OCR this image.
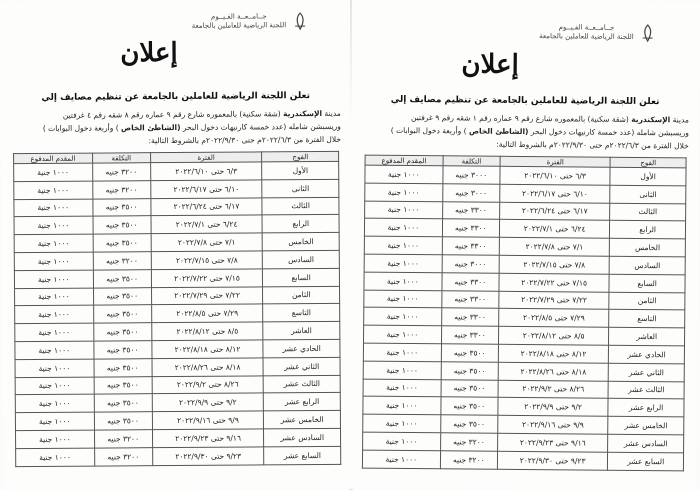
جــامــعــة الفـيــوم
اللجنة الرياضية للعاملين بالجامعة
إعلان
تعلن اللجنة الرياضية للعاملين بالجامعة عن تنظيم مصايف إلي
مدينة الإسكندرية (شقة سكنية) بالمعموره شارع رقم ٩ عماره رقم ٨ شقه رقم ٤ غرفتين
وريسبشن شامله (عدد خمسة كارنيهات دخول البحر (الشاطئ الخاص ) وأربعة دخول البوابات )
خلال الفترة من ٢٠٢٢/٦/٣م حتى ٢٠٢٢/٩/٣٠م بالشروط التالية:
الفوج	الفترة	التكلفة	المقدم المدفوع
الأول	٦/٣ حتى ٢٠٢٢/٦/١٠	٣٢٠٠ جنيه	١٠٠٠ جنية
الثانى	٦/١٠ حتى ٢٠٢٢/٦/١٧	٣٢٠٠ جنيه	١٠٠٠ جنية
الثالث	٦/١٧ حتى ٢٠٢٢/٦/٢٤	٣٥٠٠ جنيه	١٠٠٠ جنية
الرابع	٦/٢٤ حتى ٢٠٢٢/٧/١	٣٥٠٠ جنيه	١٠٠٠ جنية
الخامس	٧/١ حتى ٢٠٢٢/٧/٨	٣٥٠٠ جنيه	١٠٠٠ جنية
السادس	٧/٨ حتى ٢٠٢٢/٧/١٥	٣٢٠٠ جنيه	١٠٠٠ جنية
السابع	٧/١٥ حتى ٢٠٢٢/٧/٢٢	٣٥٠٠ جنيه	١٠٠٠ جنية
الثامن	٧/٢٢ حتى ٢٠٢٢/٧/٢٩	٣٥٠٠ جنيه	١٠٠٠ جنية
التاسع	٧/٢٩ حتى ٢٠٢٢/٨/٥	٣٥٠٠ جنيه	١٠٠٠ جنية
العاشر	٨/٥ حتى ٢٠٢٢/٨/١٢	٣٥٠٠ جنيه	١٠٠٠ جنية
الحادي عشر	٨/١٢ حتى ٢٠٢٢/٨/١٨	٣٥٠٠ جنيه	١٠٠٠ جنية
الثاني عشر	٨/١٨ حتى ٢٠٢٢/٨/٢٦	٣٥٠٠ جنيه	١٠٠٠ جنية
الثالث عشر	٨/٢٦ حتى ٢٠٢٢/٩/٢	٣٥٠٠ جنيه	١٠٠٠ جنية
الرابع عشر	٩/٢ حتى ٢٠٢٢/٩/٩	٣٥٠٠ جنيه	١٠٠٠ جنية
الخامس عشر	٩/٩ حتى ٢٠٢٢/٩/١٦	٣٥٠٠ جنيه	١٠٠٠ جنية
السادس عشر	٩/١٦ حتى ٢٠٢٢/٩/٢٣	٣٢٠٠ جنيه	١٠٠٠ جنية
السابع عشر	٩/٢٣ حتى ٢٠٢٢/٩/٣٠	٣٢٠٠ جنيه	١٠٠٠ جنية
جــامــعــة الفـيــوم
اللجنة الرياضية للعاملين بالجامعة
إعلان
تعلن اللجنة الرياضية للعاملين بالجامعة عن تنظيم مصايف إلي
مدينة الإسكندرية (شقة سكنية) بالمعموره شارع رقم ٩ عماره رقم ١ شقه رقم ٩ غرفتين
وريسبشن شامله (عدد خمسة كارنيهات دخول البحر (الشاطئ الخاص ) وأربعة دخول البوابات )
خلال الفترة من ٢٠٢٢/٦/٣م حتى ٢٠٢٢/٩/٣٠م بالشروط التالية:
الفوج	الفترة	التكلفة	المقدم المدفوع
الأول	٦/٣ حتى ٢٠٢٢/٦/١٠	٣٠٠٠ جنيه	١٠٠٠ جنية
الثانى	٦/١٠ حتى ٢٠٢٢/٦/١٧	٣٠٠٠ جنيه	١٠٠٠ جنية
الثالث	٦/١٧ حتى ٢٠٢٢/٦/٢٤	٣٣٠٠ جنيه	١٠٠٠ جنية
الرابع	٦/٢٤ حتى ٢٠٢٢/٧/١	٣٣٠٠ جنيه	١٠٠٠ جنية
الخامس	٧/١ حتى ٢٠٢٢/٧/٨	٣٣٠٠ جنيه	١٠٠٠ جنية
السادس	٧/٨ حتى ٢٠٢٢/٧/١٥	٣٠٠٠ جنيه	١٠٠٠ جنية
السابع	٧/١٥ حتى ٢٠٢٢/٧/٢٢	٣٣٠٠ جنيه	١٠٠٠ جنية
الثامن	٧/٢٢ حتى ٢٠٢٢/٧/٢٩	٣٣٠٠ جنيه	١٠٠٠ جنية
التاسع	٧/٢٩ حتى ٢٠٢٢/٨/٥	٣٣٠٠ جنيه	١٠٠٠ جنية
العاشر	٨/٥ حتى ٢٠٢٢/٨/١٢	٣٣٠٠ جنيه	١٠٠٠ جنية
الحادي عشر	٨/١٢ حتى ٢٠٢٢/٨/١٨	٣٥٠٠ جنيه	١٠٠٠ جنية
الثاني عشر	٨/١٨ حتى ٢٠٢٢/٨/٢٦	٣٥٠٠ جنيه	١٠٠٠ جنية
الثالث عشر	٨/٢٦ حتى ٢٠٢٢/٩/٢	٣٥٠٠ جنيه	١٠٠٠ جنية
الرابع عشر	٩/٢ حتى ٢٠٢٢/٩/٩	٣٥٠٠ جنيه	١٠٠٠ جنية
الخامس عشر	٩/٩ حتى ٢٠٢٢/٩/١٦	٣٥٠٠ جنيه	١٠٠٠ جنية
السادس عشر	٩/١٦ حتى ٢٠٢٢/٩/٢٣	٣٢٠٠ جنيه	١٠٠٠ جنية
السابع عشر	٩/٢٣ حتى ٢٠٢٢/٩/٣٠	٣٢٠٠ جنيه	١٠٠٠ جنية
